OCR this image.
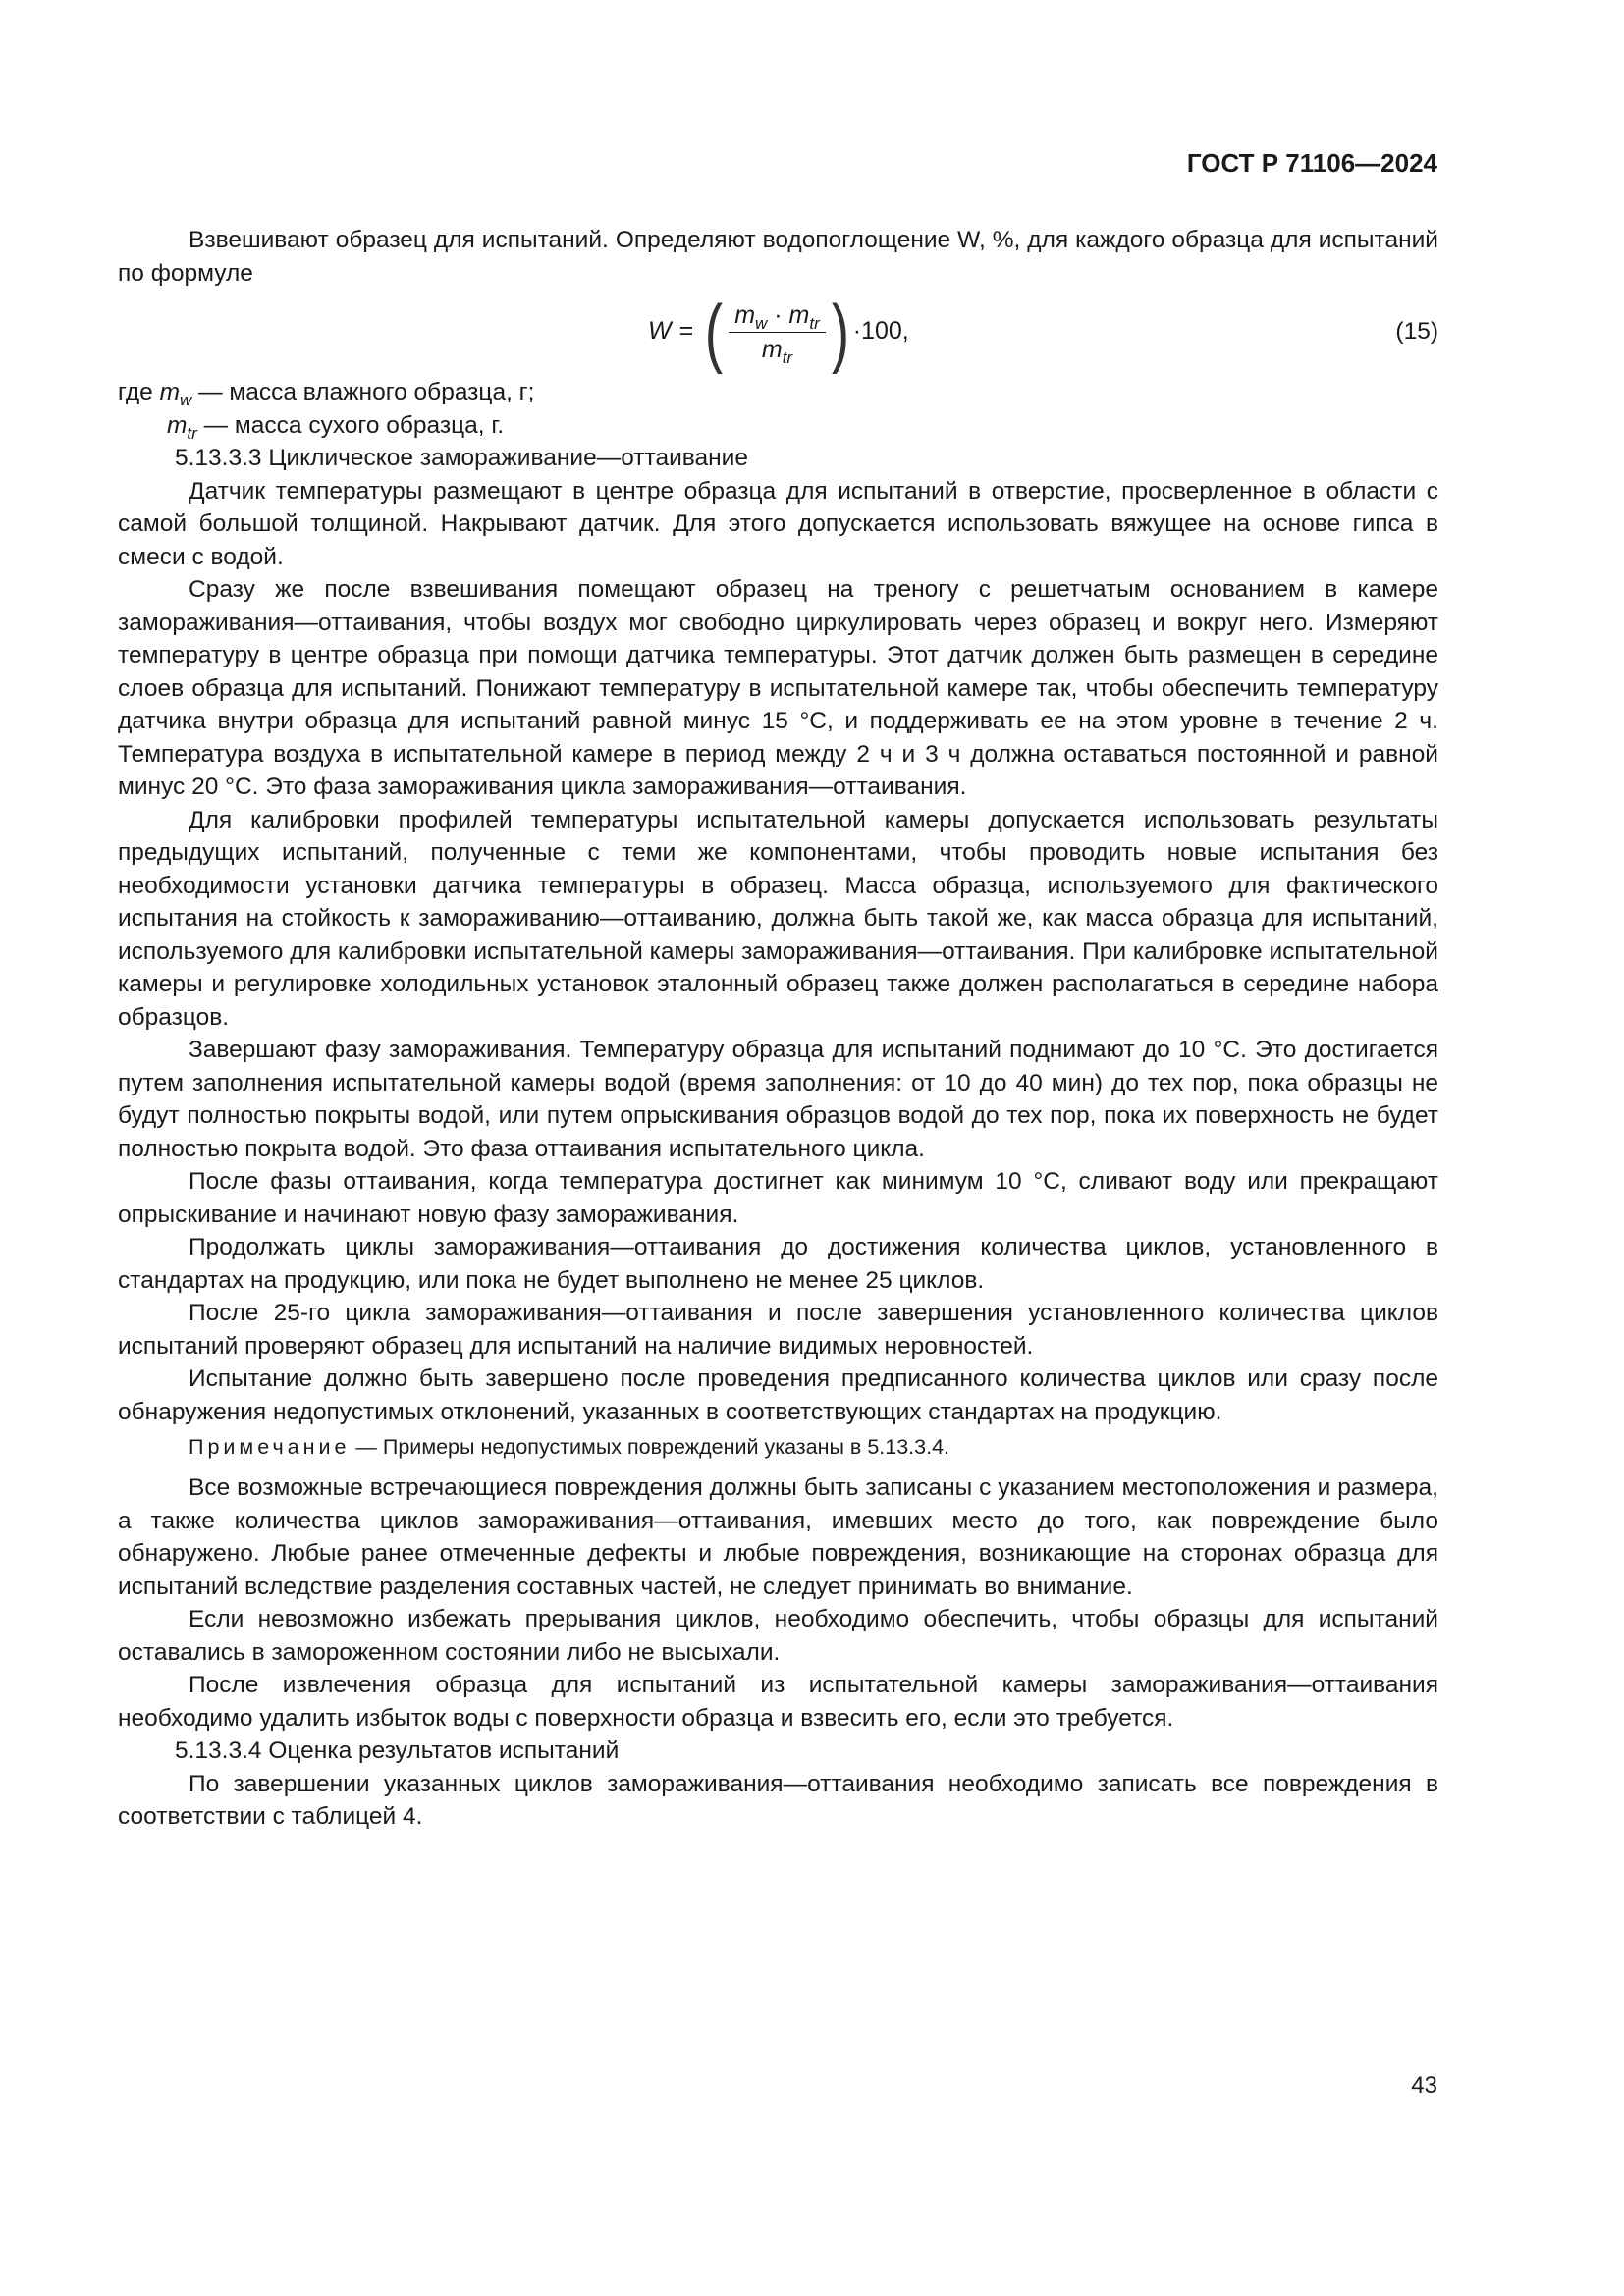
ГОСТ Р 71106—2024

Взвешивают образец для испытаний. Определяют водопоглощение W, %, для каждого образца для испытаний по формуле

W = ( $\frac{m_w \cdot m_{tr}}{m_{tr}}$ ) ·100,	(15)

где $m_w$ — масса влажного образца, г;

$m_{tr}$ — масса сухого образца, г.

5.13.3.3 Циклическое замораживание—оттаивание

Датчик температуры размещают в центре образца для испытаний в отверстие, просверленное в области с самой большой толщиной. Накрывают датчик. Для этого допускается использовать вяжущее на основе гипса в смеси с водой.

Сразу же после взвешивания помещают образец на треногу с решетчатым основанием в камере замораживания—оттаивания, чтобы воздух мог свободно циркулировать через образец и вокруг него. Измеряют температуру в центре образца при помощи датчика температуры. Этот датчик должен быть размещен в середине слоев образца для испытаний. Понижают температуру в испытательной камере так, чтобы обеспечить температуру датчика внутри образца для испытаний равной минус 15 °С, и поддерживать ее на этом уровне в течение 2 ч. Температура воздуха в испытательной камере в период между 2 ч и 3 ч должна оставаться постоянной и равной минус 20 °С. Это фаза замораживания цикла замораживания—оттаивания.

Для калибровки профилей температуры испытательной камеры допускается использовать результаты предыдущих испытаний, полученные с теми же компонентами, чтобы проводить новые испытания без необходимости установки датчика температуры в образец. Масса образца, используемого для фактического испытания на стойкость к замораживанию—оттаиванию, должна быть такой же, как масса образца для испытаний, используемого для калибровки испытательной камеры замораживания—оттаивания. При калибровке испытательной камеры и регулировке холодильных установок эталонный образец также должен располагаться в середине набора образцов.

Завершают фазу замораживания. Температуру образца для испытаний поднимают до 10 °С. Это достигается путем заполнения испытательной камеры водой (время заполнения: от 10 до 40 мин) до тех пор, пока образцы не будут полностью покрыты водой, или путем опрыскивания образцов водой до тех пор, пока их поверхность не будет полностью покрыта водой. Это фаза оттаивания испытательного цикла.

После фазы оттаивания, когда температура достигнет как минимум 10 °С, сливают воду или прекращают опрыскивание и начинают новую фазу замораживания.

Продолжать циклы замораживания—оттаивания до достижения количества циклов, установленного в стандартах на продукцию, или пока не будет выполнено не менее 25 циклов.

После 25-го цикла замораживания—оттаивания и после завершения установленного количества циклов испытаний проверяют образец для испытаний на наличие видимых неровностей.

Испытание должно быть завершено после проведения предписанного количества циклов или сразу после обнаружения недопустимых отклонений, указанных в соответствующих стандартах на продукцию.

Примечание — Примеры недопустимых повреждений указаны в 5.13.3.4.

Все возможные встречающиеся повреждения должны быть записаны с указанием местоположения и размера, а также количества циклов замораживания—оттаивания, имевших место до того, как повреждение было обнаружено. Любые ранее отмеченные дефекты и любые повреждения, возникающие на сторонах образца для испытаний вследствие разделения составных частей, не следует принимать во внимание.

Если невозможно избежать прерывания циклов, необходимо обеспечить, чтобы образцы для испытаний оставались в замороженном состоянии либо не высыхали.

После извлечения образца для испытаний из испытательной камеры замораживания—оттаивания необходимо удалить избыток воды с поверхности образца и взвесить его, если это требуется.

5.13.3.4 Оценка результатов испытаний

По завершении указанных циклов замораживания—оттаивания необходимо записать все повреждения в соответствии с таблицей 4.

43
